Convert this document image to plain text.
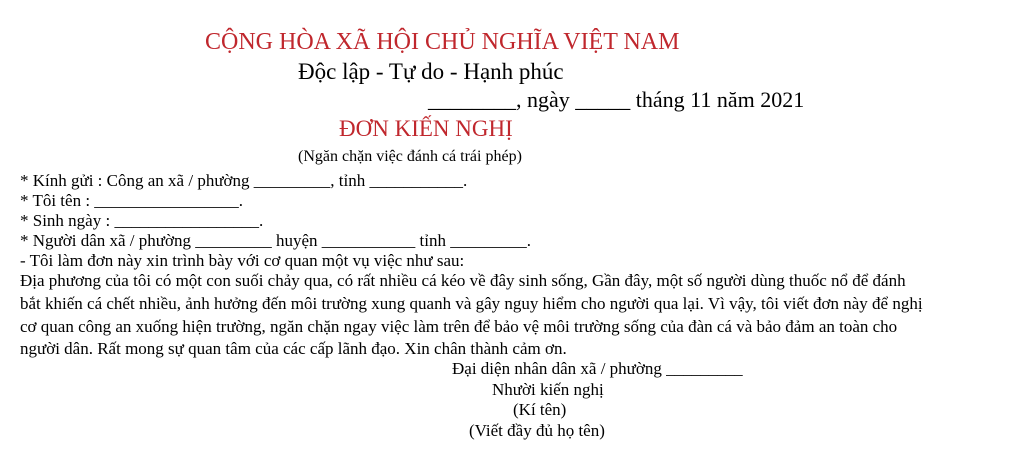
CỘNG HÒA XÃ HỘI CHỦ NGHĨA VIỆT NAM
Độc lập - Tự do - Hạnh phúc
________, ngày _____ tháng 11 năm 2021
ĐƠN KIẾN NGHỊ
(Ngăn chặn việc đánh cá trái phép)
* Kính gửi : Công an xã / phường _________, tỉnh ___________.
* Tôi tên : _________________.
* Sinh ngày : _________________.
* Người dân xã / phường _________ huyện ___________ tỉnh _________.
- Tôi làm đơn này xin trình bày với cơ quan một vụ việc như sau:
Địa phương của tôi có một con suối chảy qua, có rất nhiều cá kéo về đây sinh sống, Gần đây, một số người dùng thuốc nổ để đánh
bắt khiến cá chết nhiều, ảnh hưởng đến môi trường xung quanh và gây nguy hiểm cho người qua lại. Vì vậy, tôi viết đơn này để nghị
cơ quan công an xuống hiện trường, ngăn chặn ngay việc làm trên để bảo vệ môi trường sống của đàn cá và bảo đảm an toàn cho
người dân. Rất mong sự quan tâm của các cấp lãnh đạo. Xin chân thành cảm ơn.
Đại diện nhân dân xã / phường _________
Nhười kiến nghị
(Kí tên)
(Viết đầy đủ họ tên)
